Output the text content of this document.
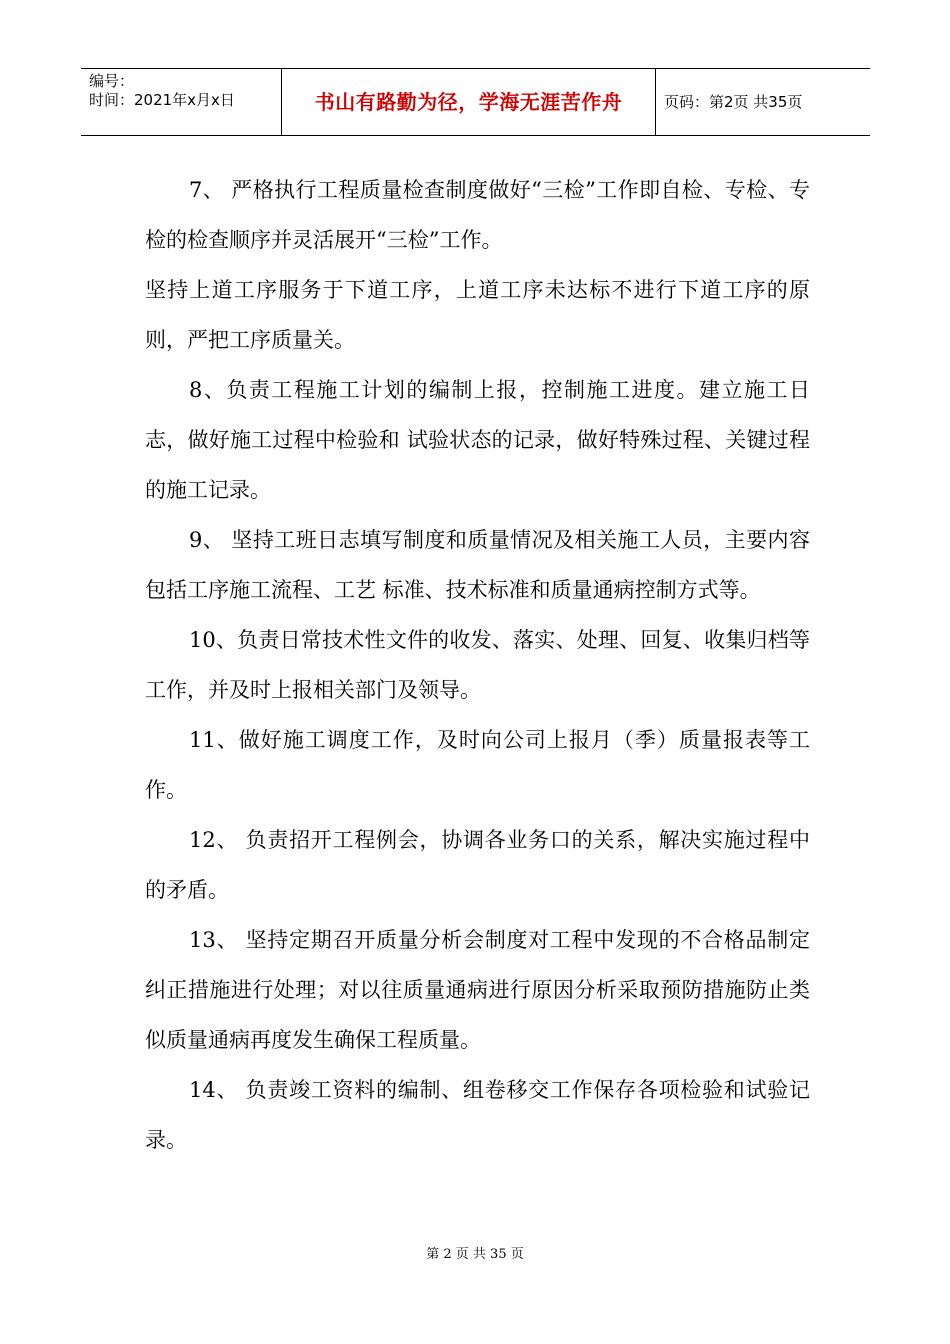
编号：
时间：2021年x月x日	书山有路勤为径，学海无涯苦作舟	页码：第2页 共35页

7、 严格执行工程质量检查制度做好“三检”工作即自检、专检、专检的检查顺序并灵活展开“三检”工作。

坚持上道工序服务于下道工序，上道工序未达标不进行下道工序的原则，严把工序质量关。

8、负责工程施工计划的编制上报，控制施工进度。建立施工日志，做好施工过程中检验和 试验状态的记录，做好特殊过程、关键过程的施工记录。

9、 坚持工班日志填写制度和质量情况及相关施工人员，主要内容包括工序施工流程、工艺 标准、技术标准和质量通病控制方式等。

10、负责日常技术性文件的收发、落实、处理、回复、收集归档等工作，并及时上报相关部门及领导。

11、做好施工调度工作，及时向公司上报月（季）质量报表等工作。

12、 负责招开工程例会，协调各业务口的关系，解决实施过程中的矛盾。

13、 坚持定期召开质量分析会制度对工程中发现的不合格品制定纠正措施进行处理；对以往质量通病进行原因分析采取预防措施防止类似质量通病再度发生确保工程质量。

14、 负责竣工资料的编制、组卷移交工作保存各项检验和试验记录。

第 2 页 共 35 页
